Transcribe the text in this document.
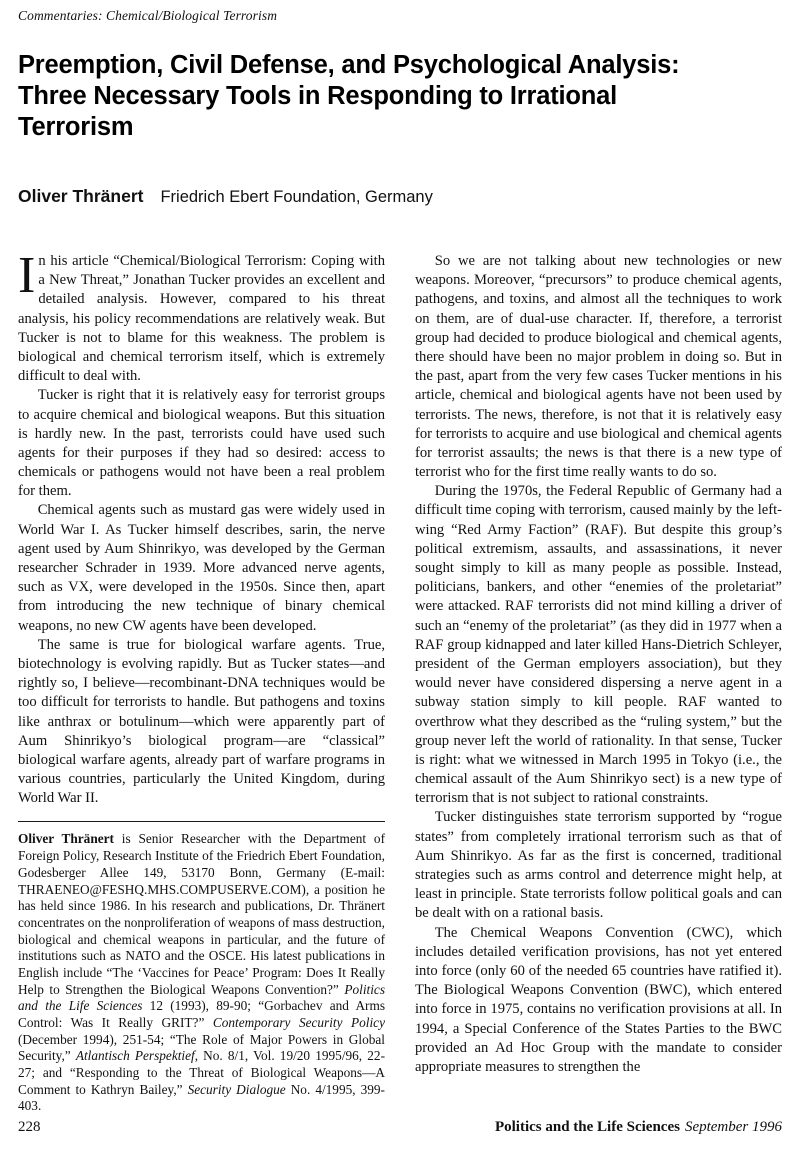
Commentaries: Chemical/Biological Terrorism
Preemption, Civil Defense, and Psychological Analysis:
Three Necessary Tools in Responding to Irrational
Terrorism
Oliver Thränert Friedrich Ebert Foundation, Germany

In his article “Chemical/Biological Terrorism: Coping with a New Threat,” Jonathan Tucker provides an excellent and detailed analysis. However, compared to his threat analysis, his policy recommendations are relatively weak. But Tucker is not to blame for this weakness. The problem is biological and chemical terrorism itself, which is extremely difficult to deal with.

Tucker is right that it is relatively easy for terrorist groups to acquire chemical and biological weapons. But this situation is hardly new. In the past, terrorists could have used such agents for their purposes if they had so desired: access to chemicals or pathogens would not have been a real problem for them.

Chemical agents such as mustard gas were widely used in World War I. As Tucker himself describes, sarin, the nerve agent used by Aum Shinrikyo, was developed by the German researcher Schrader in 1939. More advanced nerve agents, such as VX, were developed in the 1950s. Since then, apart from introducing the new technique of binary chemical weapons, no new CW agents have been developed.

The same is true for biological warfare agents. True, biotechnology is evolving rapidly. But as Tucker states—and rightly so, I believe—recombinant-DNA techniques would be too difficult for terrorists to handle. But pathogens and toxins like anthrax or botulinum—which were apparently part of Aum Shinrikyo’s biological program—are “classical” biological warfare agents, already part of warfare programs in various countries, particularly the United Kingdom, during World War II.

Oliver Thränert is Senior Researcher with the Department of Foreign Policy, Research Institute of the Friedrich Ebert Foundation, Godesberger Allee 149, 53170 Bonn, Germany (E-mail: THRAENEO@FESHQ.MHS.COMPUSERVE.COM), a position he has held since 1986. In his research and publications, Dr. Thränert concentrates on the nonproliferation of weapons of mass destruction, biological and chemical weapons in particular, and the future of institutions such as NATO and the OSCE. His latest publications in English include “The ‘Vaccines for Peace’ Program: Does It Really Help to Strengthen the Biological Weapons Convention?” Politics and the Life Sciences 12 (1993), 89-90; “Gorbachev and Arms Control: Was It Really GRIT?” Contemporary Security Policy (December 1994), 251-54; “The Role of Major Powers in Global Security,” Atlantisch Perspektief, No. 8/1, Vol. 19/20 1995/96, 22-27; and “Responding to the Threat of Biological Weapons—A Comment to Kathryn Bailey,” Security Dialogue No. 4/1995, 399-403.

So we are not talking about new technologies or new weapons. Moreover, “precursors” to produce chemical agents, pathogens, and toxins, and almost all the techniques to work on them, are of dual-use character. If, therefore, a terrorist group had decided to produce biological and chemical agents, there should have been no major problem in doing so. But in the past, apart from the very few cases Tucker mentions in his article, chemical and biological agents have not been used by terrorists. The news, therefore, is not that it is relatively easy for terrorists to acquire and use biological and chemical agents for terrorist assaults; the news is that there is a new type of terrorist who for the first time really wants to do so.

During the 1970s, the Federal Republic of Germany had a difficult time coping with terrorism, caused mainly by the left-wing “Red Army Faction” (RAF). But despite this group’s political extremism, assaults, and assassinations, it never sought simply to kill as many people as possible. Instead, politicians, bankers, and other “enemies of the proletariat” were attacked. RAF terrorists did not mind killing a driver of such an “enemy of the proletariat” (as they did in 1977 when a RAF group kidnapped and later killed Hans-Dietrich Schleyer, president of the German employers association), but they would never have considered dispersing a nerve agent in a subway station simply to kill people. RAF wanted to overthrow what they described as the “ruling system,” but the group never left the world of rationality. In that sense, Tucker is right: what we witnessed in March 1995 in Tokyo (i.e., the chemical assault of the Aum Shinrikyo sect) is a new type of terrorism that is not subject to rational constraints.

Tucker distinguishes state terrorism supported by “rogue states” from completely irrational terrorism such as that of Aum Shinrikyo. As far as the first is concerned, traditional strategies such as arms control and deterrence might help, at least in principle. State terrorists follow political goals and can be dealt with on a rational basis.

The Chemical Weapons Convention (CWC), which includes detailed verification provisions, has not yet entered into force (only 60 of the needed 65 countries have ratified it). The Biological Weapons Convention (BWC), which entered into force in 1975, contains no verification provisions at all. In 1994, a Special Conference of the States Parties to the BWC provided an Ad Hoc Group with the mandate to consider appropriate measures to strengthen the

228	Politics and the Life Sciences September 1996
